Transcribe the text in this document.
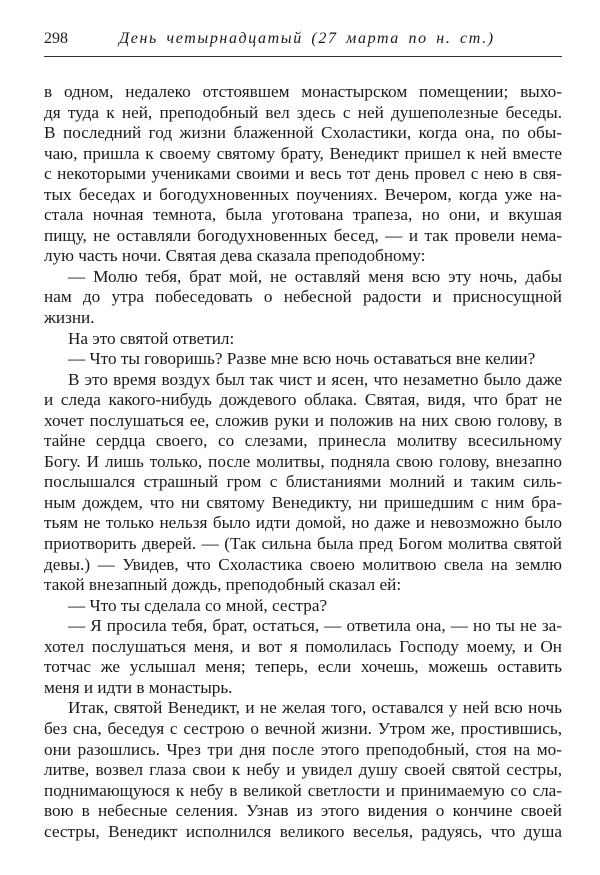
298	День четырнадцатый (27 марта по н. ст.)
в одном, недалеко отстоявшем монастырском помещении; выхо-
дя туда к ней, преподобный вел здесь с ней душеполезные беседы.
В последний год жизни блаженной Схоластики, когда она, по обы-
чаю, пришла к своему святому брату, Венедикт пришел к ней вместе
с некоторыми учениками своими и весь тот день провел с нею в свя-
тых беседах и богодухновенных поучениях. Вечером, когда уже на-
стала ночная темнота, была уготована трапеза, но они, и вкушая
пищу, не оставляли богодухновенных бесед, — и так провели нема-
лую часть ночи. Святая дева сказала преподобному:
— Молю тебя, брат мой, не оставляй меня всю эту ночь, дабы
нам до утра побеседовать о небесной радости и присносущной
жизни.
На это святой ответил:
— Что ты говоришь? Разве мне всю ночь оставаться вне келии?
В это время воздух был так чист и ясен, что незаметно было даже
и следа какого-нибудь дождевого облака. Святая, видя, что брат не
хочет послушаться ее, сложив руки и положив на них свою голову, в
тайне сердца своего, со слезами, принесла молитву всесильному
Богу. И лишь только, после молитвы, подняла свою голову, внезапно
послышался страшный гром с блистаниями молний и таким силь-
ным дождем, что ни святому Венедикту, ни пришедшим с ним бра-
тьям не только нельзя было идти домой, но даже и невозможно было
приотворить дверей. — (Так сильна была пред Богом молитва святой
девы.) — Увидев, что Схоластика своею молитвою свела на землю
такой внезапный дождь, преподобный сказал ей:
— Что ты сделала со мной, сестра?
— Я просила тебя, брат, остаться, — ответила она, — но ты не за-
хотел послушаться меня, и вот я помолилась Господу моему, и Он
тотчас же услышал меня; теперь, если хочешь, можешь оставить
меня и идти в монастырь.
Итак, святой Венедикт, и не желая того, оставался у ней всю ночь
без сна, беседуя с сестрою о вечной жизни. Утром же, простившись,
они разошлись. Чрез три дня после этого преподобный, стоя на мо-
литве, возвел глаза свои к небу и увидел душу своей святой сестры,
поднимающуюся к небу в великой светлости и принимаемую со сла-
вою в небесные селения. Узнав из этого видения о кончине своей
сестры, Венедикт исполнился великого веселья, радуясь, что душа
